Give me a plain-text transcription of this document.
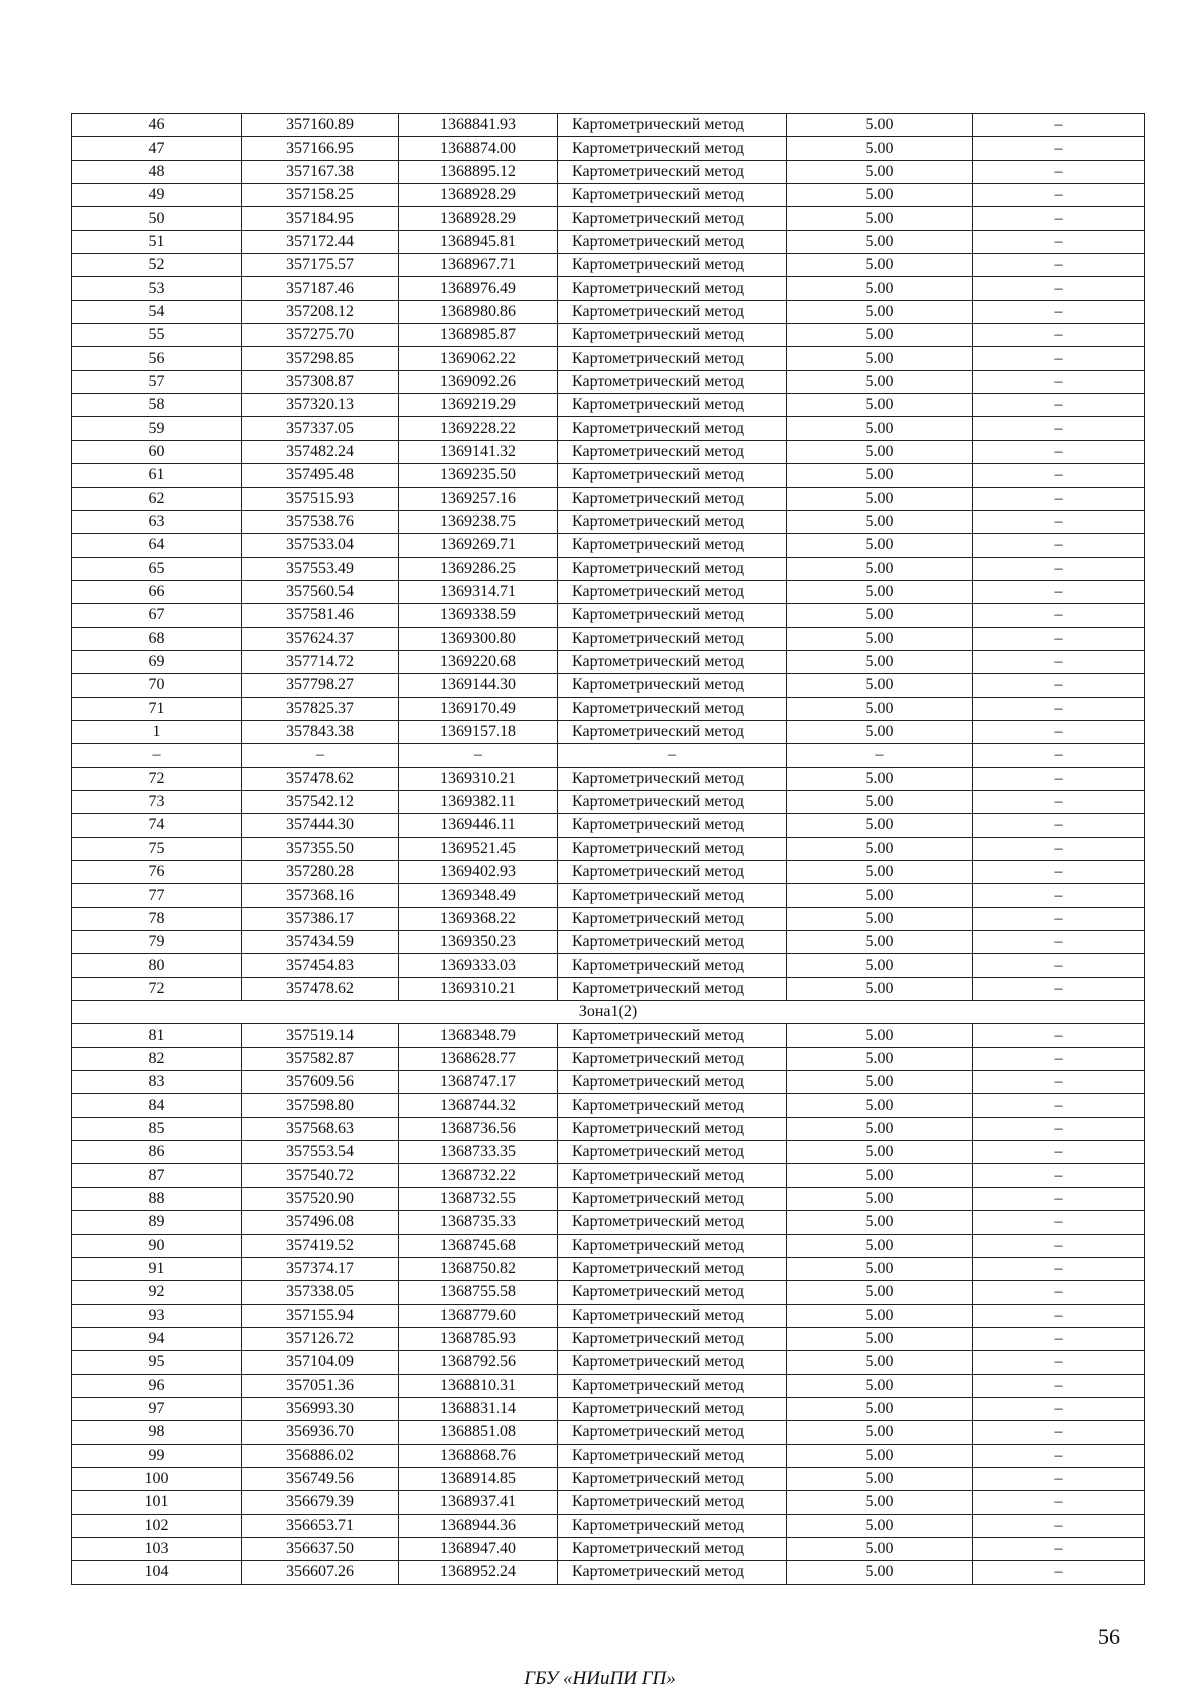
46	357160.89	1368841.93	Картометрический метод	5.00	–
47	357166.95	1368874.00	Картометрический метод	5.00	–
48	357167.38	1368895.12	Картометрический метод	5.00	–
49	357158.25	1368928.29	Картометрический метод	5.00	–
50	357184.95	1368928.29	Картометрический метод	5.00	–
51	357172.44	1368945.81	Картометрический метод	5.00	–
52	357175.57	1368967.71	Картометрический метод	5.00	–
53	357187.46	1368976.49	Картометрический метод	5.00	–
54	357208.12	1368980.86	Картометрический метод	5.00	–
55	357275.70	1368985.87	Картометрический метод	5.00	–
56	357298.85	1369062.22	Картометрический метод	5.00	–
57	357308.87	1369092.26	Картометрический метод	5.00	–
58	357320.13	1369219.29	Картометрический метод	5.00	–
59	357337.05	1369228.22	Картометрический метод	5.00	–
60	357482.24	1369141.32	Картометрический метод	5.00	–
61	357495.48	1369235.50	Картометрический метод	5.00	–
62	357515.93	1369257.16	Картометрический метод	5.00	–
63	357538.76	1369238.75	Картометрический метод	5.00	–
64	357533.04	1369269.71	Картометрический метод	5.00	–
65	357553.49	1369286.25	Картометрический метод	5.00	–
66	357560.54	1369314.71	Картометрический метод	5.00	–
67	357581.46	1369338.59	Картометрический метод	5.00	–
68	357624.37	1369300.80	Картометрический метод	5.00	–
69	357714.72	1369220.68	Картометрический метод	5.00	–
70	357798.27	1369144.30	Картометрический метод	5.00	–
71	357825.37	1369170.49	Картометрический метод	5.00	–
1	357843.38	1369157.18	Картометрический метод	5.00	–
–	–	–	–	–	–
72	357478.62	1369310.21	Картометрический метод	5.00	–
73	357542.12	1369382.11	Картометрический метод	5.00	–
74	357444.30	1369446.11	Картометрический метод	5.00	–
75	357355.50	1369521.45	Картометрический метод	5.00	–
76	357280.28	1369402.93	Картометрический метод	5.00	–
77	357368.16	1369348.49	Картометрический метод	5.00	–
78	357386.17	1369368.22	Картометрический метод	5.00	–
79	357434.59	1369350.23	Картометрический метод	5.00	–
80	357454.83	1369333.03	Картометрический метод	5.00	–
72	357478.62	1369310.21	Картометрический метод	5.00	–
Зона1(2)					
81	357519.14	1368348.79	Картометрический метод	5.00	–
82	357582.87	1368628.77	Картометрический метод	5.00	–
83	357609.56	1368747.17	Картометрический метод	5.00	–
84	357598.80	1368744.32	Картометрический метод	5.00	–
85	357568.63	1368736.56	Картометрический метод	5.00	–
86	357553.54	1368733.35	Картометрический метод	5.00	–
87	357540.72	1368732.22	Картометрический метод	5.00	–
88	357520.90	1368732.55	Картометрический метод	5.00	–
89	357496.08	1368735.33	Картометрический метод	5.00	–
90	357419.52	1368745.68	Картометрический метод	5.00	–
91	357374.17	1368750.82	Картометрический метод	5.00	–
92	357338.05	1368755.58	Картометрический метод	5.00	–
93	357155.94	1368779.60	Картометрический метод	5.00	–
94	357126.72	1368785.93	Картометрический метод	5.00	–
95	357104.09	1368792.56	Картометрический метод	5.00	–
96	357051.36	1368810.31	Картометрический метод	5.00	–
97	356993.30	1368831.14	Картометрический метод	5.00	–
98	356936.70	1368851.08	Картометрический метод	5.00	–
99	356886.02	1368868.76	Картометрический метод	5.00	–
100	356749.56	1368914.85	Картометрический метод	5.00	–
101	356679.39	1368937.41	Картометрический метод	5.00	–
102	356653.71	1368944.36	Картометрический метод	5.00	–
103	356637.50	1368947.40	Картометрический метод	5.00	–
104	356607.26	1368952.24	Картометрический метод	5.00	–
56
ГБУ «НИиПИ ГП»
